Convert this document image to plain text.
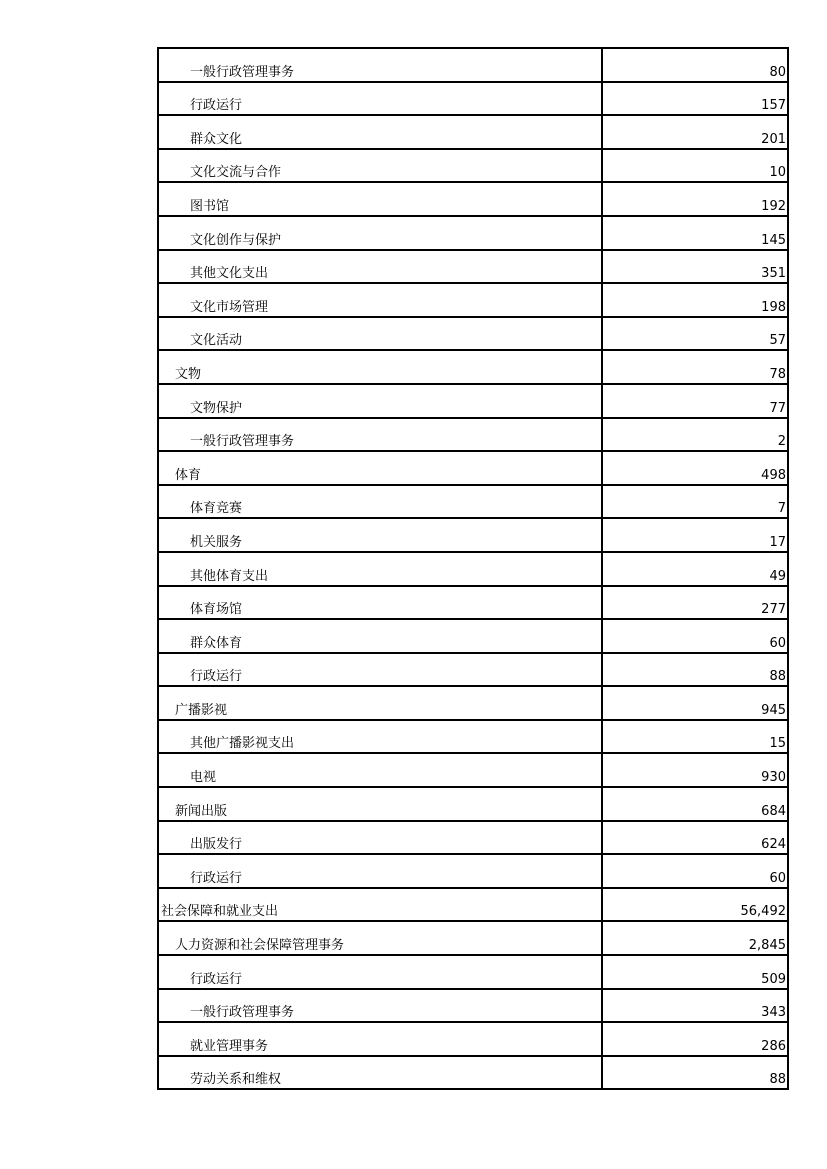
一般行政管理事务	80
行政运行	157
群众文化	201
文化交流与合作	10
图书馆	192
文化创作与保护	145
其他文化支出	351
文化市场管理	198
文化活动	57
文物	78
文物保护	77
一般行政管理事务	2
体育	498
体育竞赛	7
机关服务	17
其他体育支出	49
体育场馆	277
群众体育	60
行政运行	88
广播影视	945
其他广播影视支出	15
电视	930
新闻出版	684
出版发行	624
行政运行	60
社会保障和就业支出	56,492
人力资源和社会保障管理事务	2,845
行政运行	509
一般行政管理事务	343
就业管理事务	286
劳动关系和维权	88
